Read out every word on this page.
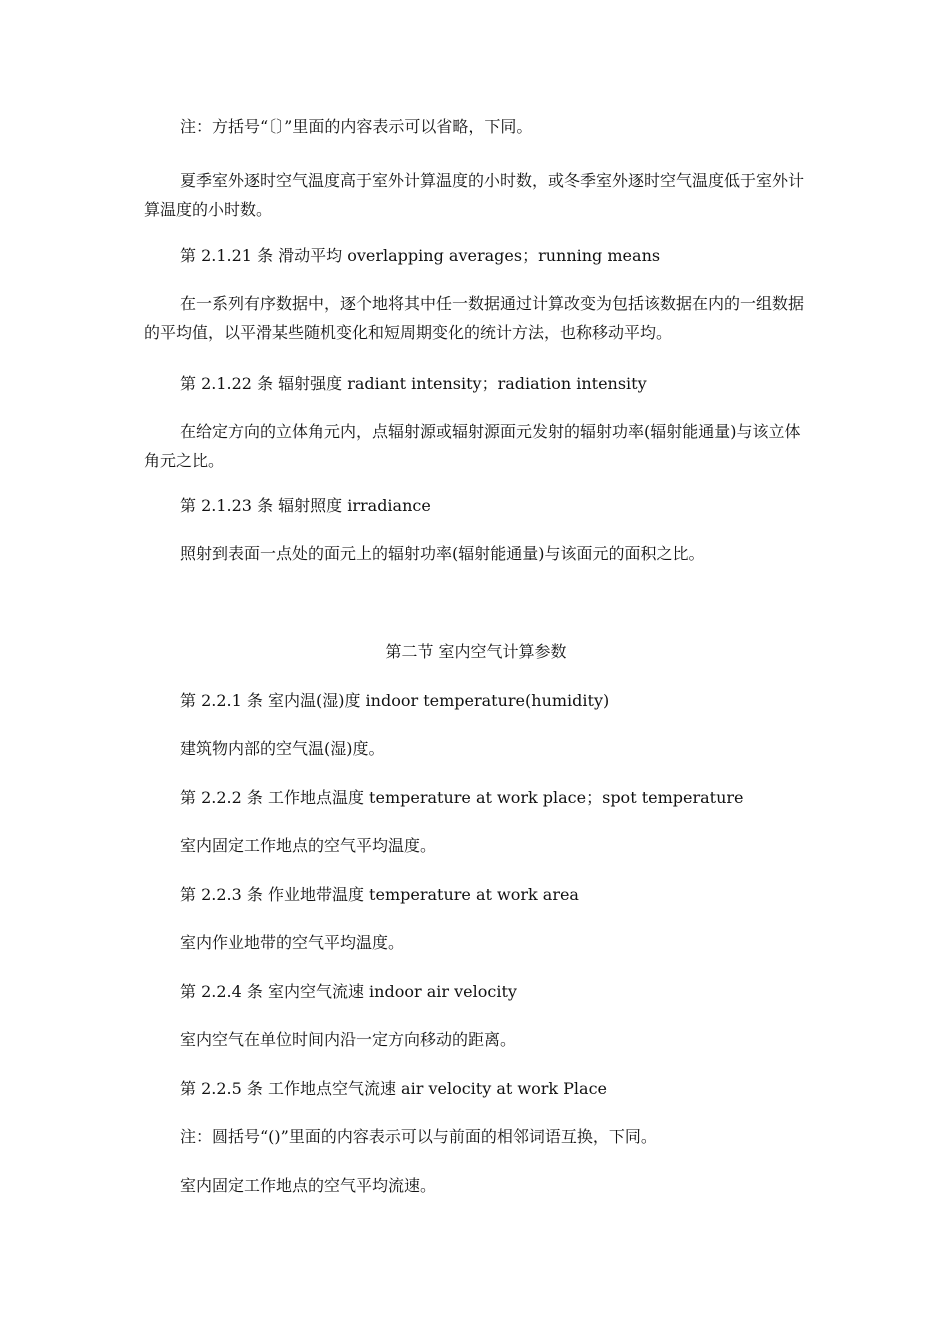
注：方括号“〔〕”里面的内容表示可以省略，下同。

夏季室外逐时空气温度高于室外计算温度的小时数，或冬季室外逐时空气温度低于室外计算温度的小时数。

第 2.1.21 条 滑动平均 overlapping averages；running means

在一系列有序数据中，逐个地将其中任一数据通过计算改变为包括该数据在内的一组数据的平均值，以平滑某些随机变化和短周期变化的统计方法，也称移动平均。

第 2.1.22 条 辐射强度 radiant intensity；radiation intensity

在给定方向的立体角元内，点辐射源或辐射源面元发射的辐射功率(辐射能通量)与该立体角元之比。

第 2.1.23 条 辐射照度 irradiance

照射到表面一点处的面元上的辐射功率(辐射能通量)与该面元的面积之比。

第二节 室内空气计算参数

第 2.2.1 条 室内温(湿)度 indoor temperature(humidity)

建筑物内部的空气温(湿)度。

第 2.2.2 条 工作地点温度 temperature at work place；spot temperature

室内固定工作地点的空气平均温度。

第 2.2.3 条 作业地带温度 temperature at work area

室内作业地带的空气平均温度。

第 2.2.4 条 室内空气流速 indoor air velocity

室内空气在单位时间内沿一定方向移动的距离。

第 2.2.5 条 工作地点空气流速 air velocity at work Place

注：圆括号“()”里面的内容表示可以与前面的相邻词语互换，下同。

室内固定工作地点的空气平均流速。
